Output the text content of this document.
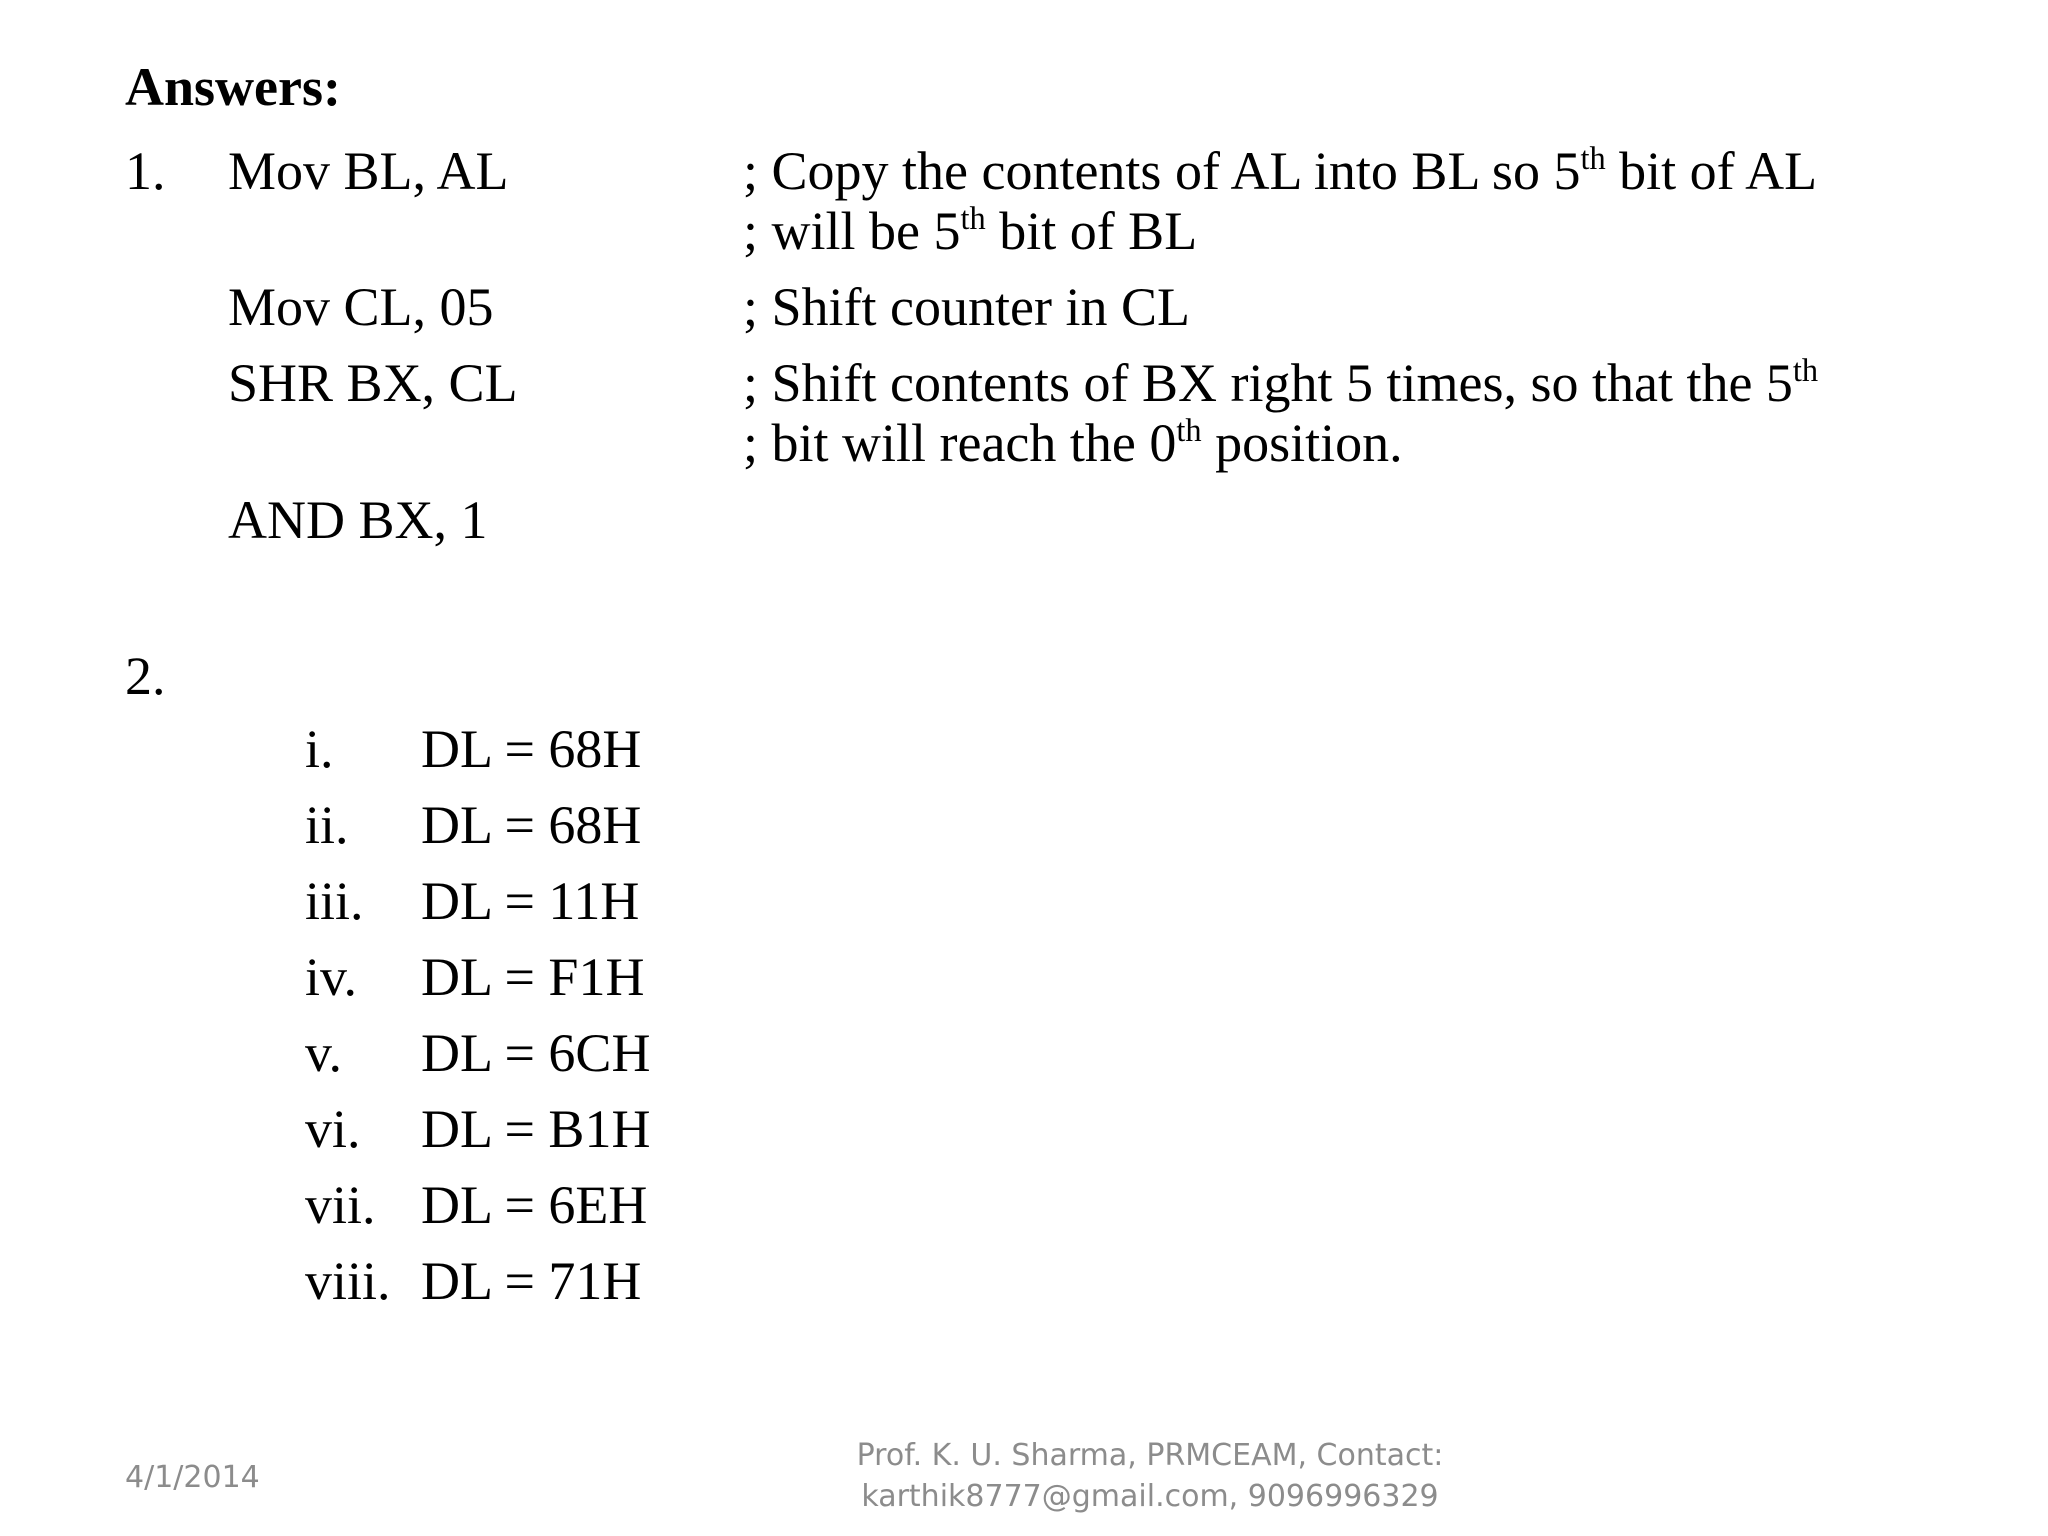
Answers:
1. Mov BL, AL	; Copy the contents of AL into BL so 5th bit of AL
; will be 5th bit of BL
Mov CL, 05	; Shift counter in CL
SHR BX, CL	; Shift contents of BX right 5 times, so that the 5th
; bit will reach the 0th position.
AND BX, 1
2.
i. DL = 68H
ii. DL = 68H
iii. DL = 11H
iv. DL = F1H
v. DL = 6CH
vi. DL = B1H
vii. DL = 6EH
viii. DL = 71H
4/1/2014
Prof. K. U. Sharma, PRMCEAM, Contact:
karthik8777@gmail.com, 9096996329
